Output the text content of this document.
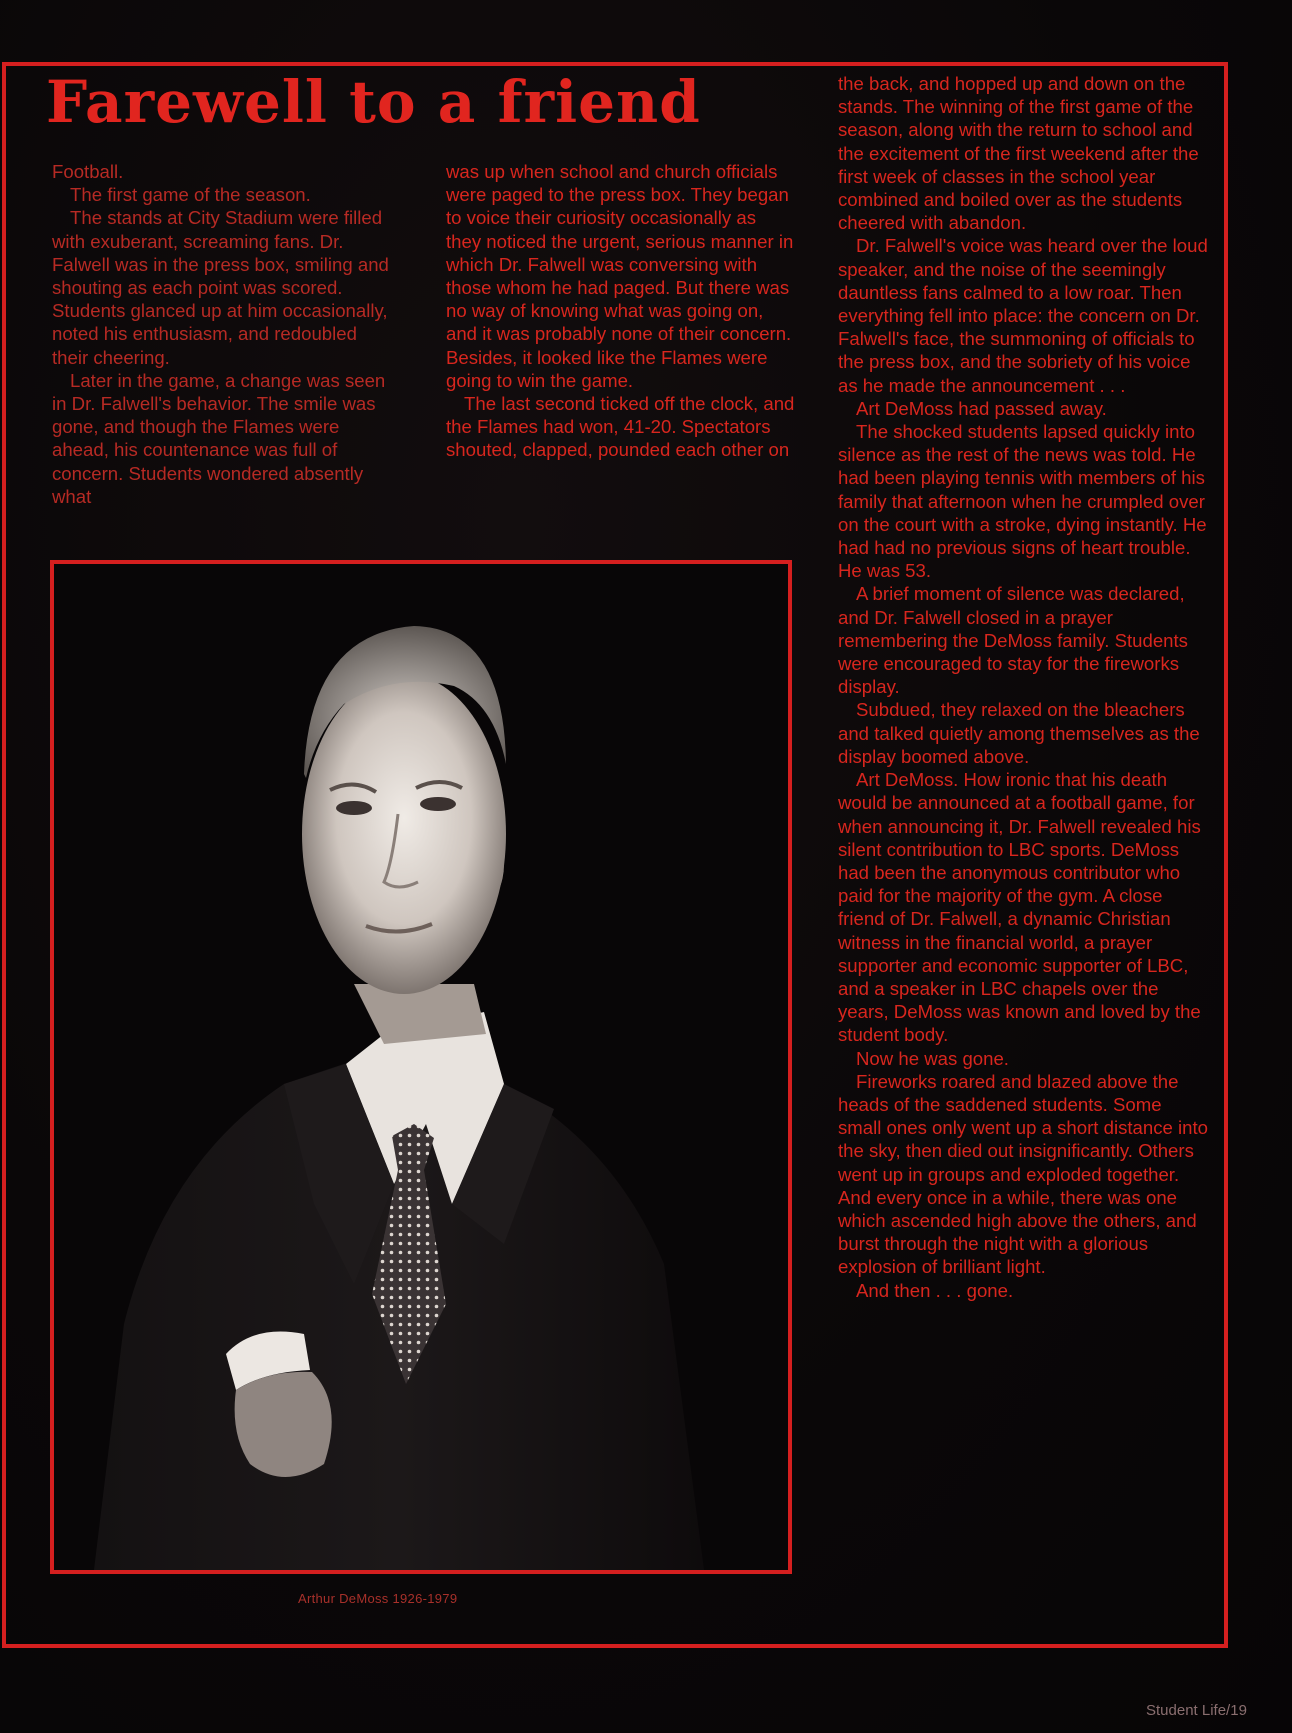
Farewell to a friend

Football.

The first game of the season.

The stands at City Stadium were filled with exuberant, screaming fans. Dr. Falwell was in the press box, smiling and shouting as each point was scored. Students glanced up at him occasionally, noted his enthusiasm, and redoubled their cheering.

Later in the game, a change was seen in Dr. Falwell's behavior. The smile was gone, and though the Flames were ahead, his countenance was full of concern. Students wondered absently what

was up when school and church officials were paged to the press box. They began to voice their curiosity occasionally as they noticed the urgent, serious manner in which Dr. Falwell was conversing with those whom he had paged. But there was no way of knowing what was going on, and it was probably none of their concern. Besides, it looked like the Flames were going to win the game.

The last second ticked off the clock, and the Flames had won, 41-20. Spectators shouted, clapped, pounded each other on

the back, and hopped up and down on the stands. The winning of the first game of the season, along with the return to school and the excitement of the first weekend after the first week of classes in the school year combined and boiled over as the students cheered with abandon.

Dr. Falwell's voice was heard over the loud speaker, and the noise of the seemingly dauntless fans calmed to a low roar. Then everything fell into place: the concern on Dr. Falwell's face, the summoning of officials to the press box, and the sobriety of his voice as he made the announcement . . .

Art DeMoss had passed away.

The shocked students lapsed quickly into silence as the rest of the news was told. He had been playing tennis with members of his family that afternoon when he crumpled over on the court with a stroke, dying instantly. He had had no previous signs of heart trouble. He was 53.

A brief moment of silence was declared, and Dr. Falwell closed in a prayer remembering the DeMoss family. Students were encouraged to stay for the fireworks display.

Subdued, they relaxed on the bleachers and talked quietly among themselves as the display boomed above.

Art DeMoss. How ironic that his death would be announced at a football game, for when announcing it, Dr. Falwell revealed his silent contribution to LBC sports. DeMoss had been the anonymous contributor who paid for the majority of the gym. A close friend of Dr. Falwell, a dynamic Christian witness in the financial world, a prayer supporter and economic supporter of LBC, and a speaker in LBC chapels over the years, DeMoss was known and loved by the student body.

Now he was gone.

Fireworks roared and blazed above the heads of the saddened students. Some small ones only went up a short distance into the sky, then died out insignificantly. Others went up in groups and exploded together. And every once in a while, there was one which ascended high above the others, and burst through the night with a glorious explosion of brilliant light.

And then . . . gone.

Arthur DeMoss 1926-1979
Student Life/19
